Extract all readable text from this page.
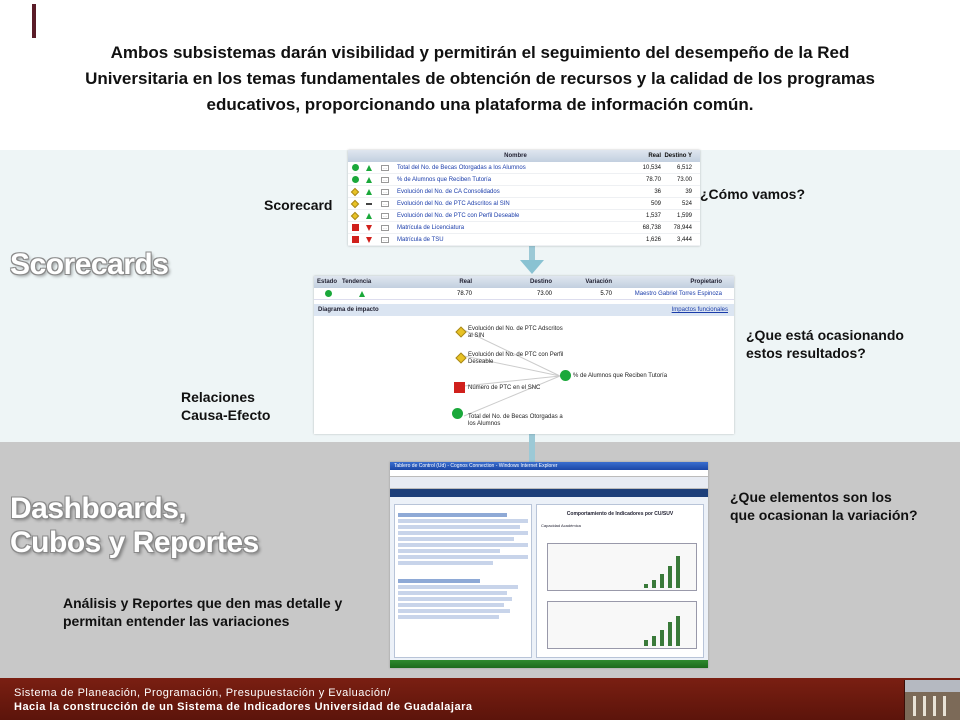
Ambos subsistemas darán visibilidad y permitirán el seguimiento del desempeño de la Red Universitaria en los temas fundamentales de obtención de recursos y la calidad de los programas educativos, proporcionando una plataforma de información común.
Scorecards
Dashboards,
Cubos y Reportes
Scorecard
¿Cómo vamos?
¿Que está ocasionando estos resultados?
Relaciones Causa-Efecto
¿Que elementos son los que ocasionan la variación?
Análisis y Reportes que den mas detalle y permitan entender las variaciones
Nombre	Real Destino Y
…	Total del No. de Becas Otorgadas a los Alumnos	10,534	6,512
…	% de Alumnos que Reciben Tutoría	78.70	73.00
…	Evolución del No. de CA Consolidados	36	39
…	Evolución del No. de PTC Adscritos al SIN	509	524
…	Evolución del No. de PTC con Perfil Deseable	1,537	1,599
…	Matrícula de Licenciatura	68,738	78,944
…	Matrícula de TSU	1,626	3,444
Estado Tendencia	Real	Destino	Variación	Propietario
78.70	73.00	5.70	Maestro Gabriel Torres Espinoza
Diagrama de impacto	Impactos funcionales
Evolución del No. de PTC Adscritos al SIN
Evolución del No. de PTC con Perfil Deseable
Número de PTC en el SNC
Total del No. de Becas Otorgadas a los Alumnos
% de Alumnos que Reciben Tutoría
Tablero de Control (Ud) - Cognos Connection - Windows Internet Explorer
Comportamiento de Indicadores por CU/SUV
Capacidad Académica
Sistema de Planeación, Programación, Presupuestación y Evaluación/
Hacia la construcción de un Sistema de Indicadores Universidad de Guadalajara
